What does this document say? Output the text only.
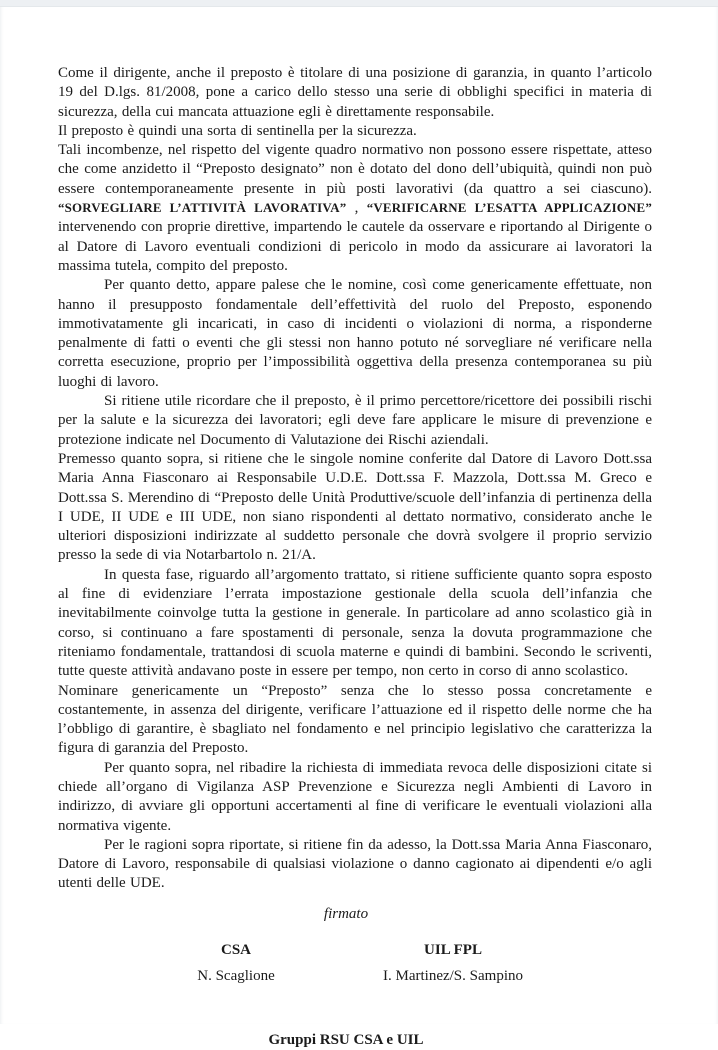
Come il dirigente, anche il preposto è titolare di una posizione di garanzia, in quanto l’articolo 19 del D.lgs. 81/2008, pone a carico dello stesso una serie di obblighi specifici in materia di sicurezza, della cui mancata attuazione egli è direttamente responsabile.

Il preposto è quindi una sorta di sentinella per la sicurezza.

Tali incombenze, nel rispetto del vigente quadro normativo non possono essere rispettate, atteso che come anzidetto il “Preposto designato” non è dotato del dono dell’ubiquità, quindi non può essere contemporaneamente presente in più posti lavorativi (da quattro a sei ciascuno). “SORVEGLIARE L’ATTIVITÀ LAVORATIVA” , “VERIFICARNE L’ESATTA APPLICAZIONE” intervenendo con proprie direttive, impartendo le cautele da osservare e riportando al Dirigente o al Datore di Lavoro eventuali condizioni di pericolo in modo da assicurare ai lavoratori la massima tutela, compito del preposto.

Per quanto detto, appare palese che le nomine, così come genericamente effettuate, non hanno il presupposto fondamentale dell’effettività del ruolo del Preposto, esponendo immotivatamente gli incaricati, in caso di incidenti o violazioni di norma, a risponderne penalmente di fatti o eventi che gli stessi non hanno potuto né sorvegliare né verificare nella corretta esecuzione, proprio per l’impossibilità oggettiva della presenza contemporanea su più luoghi di lavoro.

Si ritiene utile ricordare che il preposto, è il primo percettore/ricettore dei possibili rischi per la salute e la sicurezza dei lavoratori; egli deve fare applicare le misure di prevenzione e protezione indicate nel Documento di Valutazione dei Rischi aziendali.

Premesso quanto sopra, si ritiene che le singole nomine conferite dal Datore di Lavoro Dott.ssa Maria Anna Fiasconaro ai Responsabile U.D.E. Dott.ssa F. Mazzola, Dott.ssa M. Greco e Dott.ssa S. Merendino di “Preposto delle Unità Produttive/scuole dell’infanzia di pertinenza della I UDE, II UDE e III UDE, non siano rispondenti al dettato normativo, considerato anche le ulteriori disposizioni indirizzate al suddetto personale che dovrà svolgere il proprio servizio presso la sede di via Notarbartolo n. 21/A.

In questa fase, riguardo all’argomento trattato, si ritiene sufficiente quanto sopra esposto al fine di evidenziare l’errata impostazione gestionale della scuola dell’infanzia che inevitabilmente coinvolge tutta la gestione in generale. In particolare ad anno scolastico già in corso, si continuano a fare spostamenti di personale, senza la dovuta programmazione che riteniamo fondamentale, trattandosi di scuola materne e quindi di bambini. Secondo le scriventi, tutte queste attività andavano poste in essere per tempo, non certo in corso di anno scolastico.

Nominare genericamente un “Preposto” senza che lo stesso possa concretamente e costantemente, in assenza del dirigente, verificare l’attuazione ed il rispetto delle norme che ha l’obbligo di garantire, è sbagliato nel fondamento e nel principio legislativo che caratterizza la figura di garanzia del Preposto.

Per quanto sopra, nel ribadire la richiesta di immediata revoca delle disposizioni citate si chiede all’organo di Vigilanza ASP Prevenzione e Sicurezza negli Ambienti di Lavoro in indirizzo, di avviare gli opportuni accertamenti al fine di verificare le eventuali violazioni alla normativa vigente.

Per le ragioni sopra riportate, si ritiene fin da adesso, la Dott.ssa Maria Anna Fiasconaro, Datore di Lavoro, responsabile di qualsiasi violazione o danno cagionato ai dipendenti e/o agli utenti delle UDE.

firmato
CSA	UIL FPL
N. Scaglione	I. Martinez/S. Sampino
Gruppi RSU CSA e UIL
